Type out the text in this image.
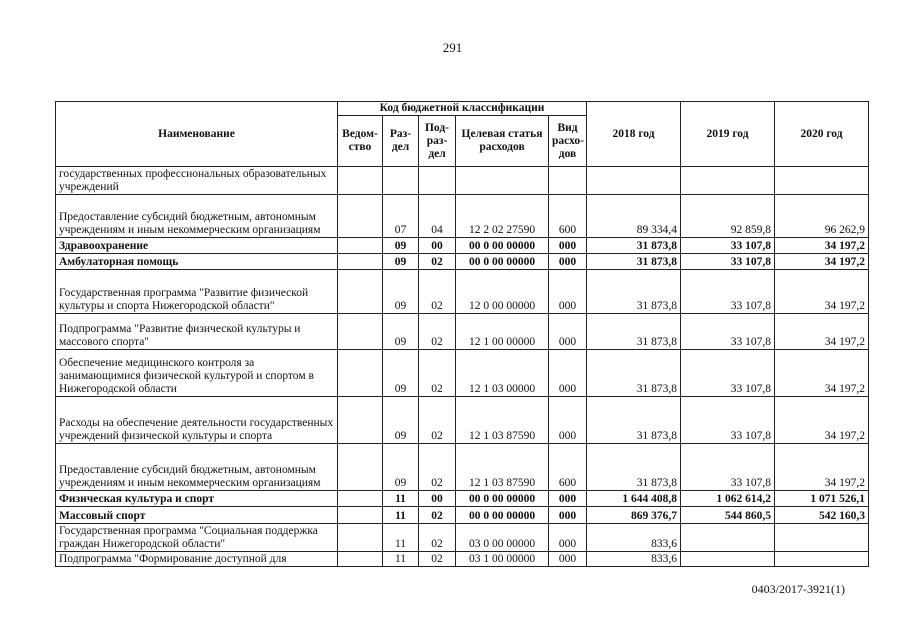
291
Наименование	Код бюджетной классификации					2018 год	2019 год	2020 год
	Ведом-ство	Раз-дел	Под-раз-дел	Целевая статья расходов	Вид расхо-дов			
государственных профессиональных образовательных учреждений								
Предоставление субсидий бюджетным, автономным учреждениям и иным некоммерческим организациям		07	04	12 2 02 27590	600	89 334,4	92 859,8	96 262,9
Здравоохранение		09	00	00 0 00 00000	000	31 873,8	33 107,8	34 197,2
Амбулаторная помощь		09	02	00 0 00 00000	000	31 873,8	33 107,8	34 197,2
Государственная программа "Развитие физической культуры и спорта Нижегородской области"		09	02	12 0 00 00000	000	31 873,8	33 107,8	34 197,2
Подпрограмма "Развитие физической культуры и массового спорта"		09	02	12 1 00 00000	000	31 873,8	33 107,8	34 197,2
Обеспечение медицинского контроля за занимающимися физической культурой и спортом в Нижегородской области		09	02	12 1 03 00000	000	31 873,8	33 107,8	34 197,2
Расходы на обеспечение деятельности государственных учреждений физической культуры и спорта		09	02	12 1 03 87590	000	31 873,8	33 107,8	34 197,2
Предоставление субсидий бюджетным, автономным учреждениям и иным некоммерческим организациям		09	02	12 1 03 87590	600	31 873,8	33 107,8	34 197,2
Физическая культура и спорт		11	00	00 0 00 00000	000	1 644 408,8	1 062 614,2	1 071 526,1
Массовый спорт		11	02	00 0 00 00000	000	869 376,7	544 860,5	542 160,3
Государственная программа "Социальная поддержка граждан Нижегородской области"		11	02	03 0 00 00000	000	833,6		
Подпрограмма "Формирование доступной для		11	02	03 1 00 00000	000	833,6		
0403/2017-3921(1)
